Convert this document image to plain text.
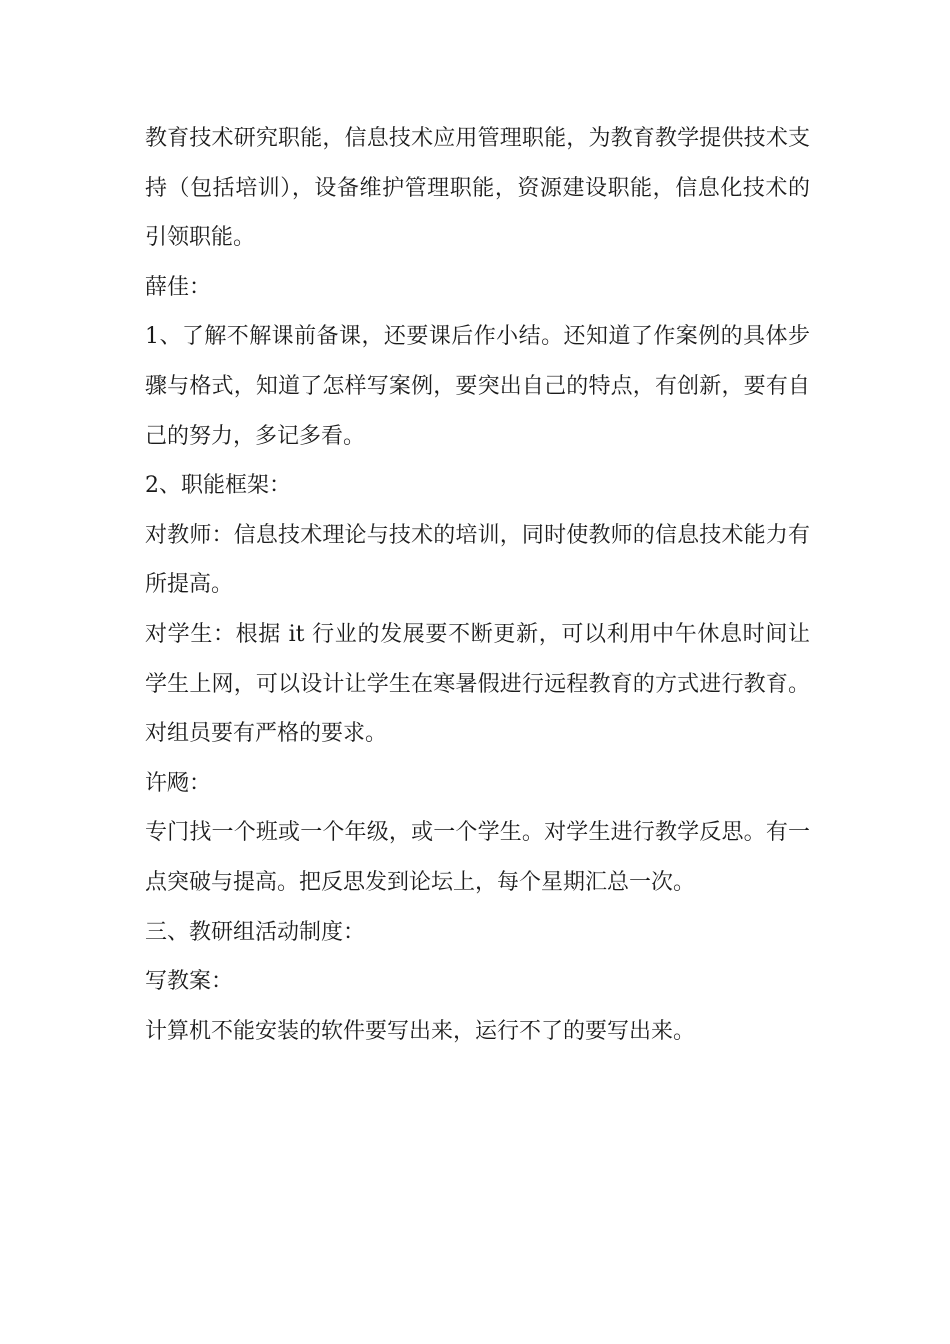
教育技术研究职能，信息技术应用管理职能，为教育教学提供技术支持（包括培训），设备维护管理职能，资源建设职能，信息化技术的引领职能。

薛佳：

1、了解不解课前备课，还要课后作小结。还知道了作案例的具体步骤与格式，知道了怎样写案例，要突出自己的特点，有创新，要有自己的努力，多记多看。

2、职能框架：

对教师：信息技术理论与技术的培训，同时使教师的信息技术能力有所提高。

对学生：根据 it 行业的发展要不断更新，可以利用中午休息时间让学生上网，可以设计让学生在寒暑假进行远程教育的方式进行教育。对组员要有严格的要求。

许飏：

专门找一个班或一个年级，或一个学生。对学生进行教学反思。有一点突破与提高。把反思发到论坛上，每个星期汇总一次。

三、教研组活动制度：

写教案：

计算机不能安装的软件要写出来，运行不了的要写出来。
